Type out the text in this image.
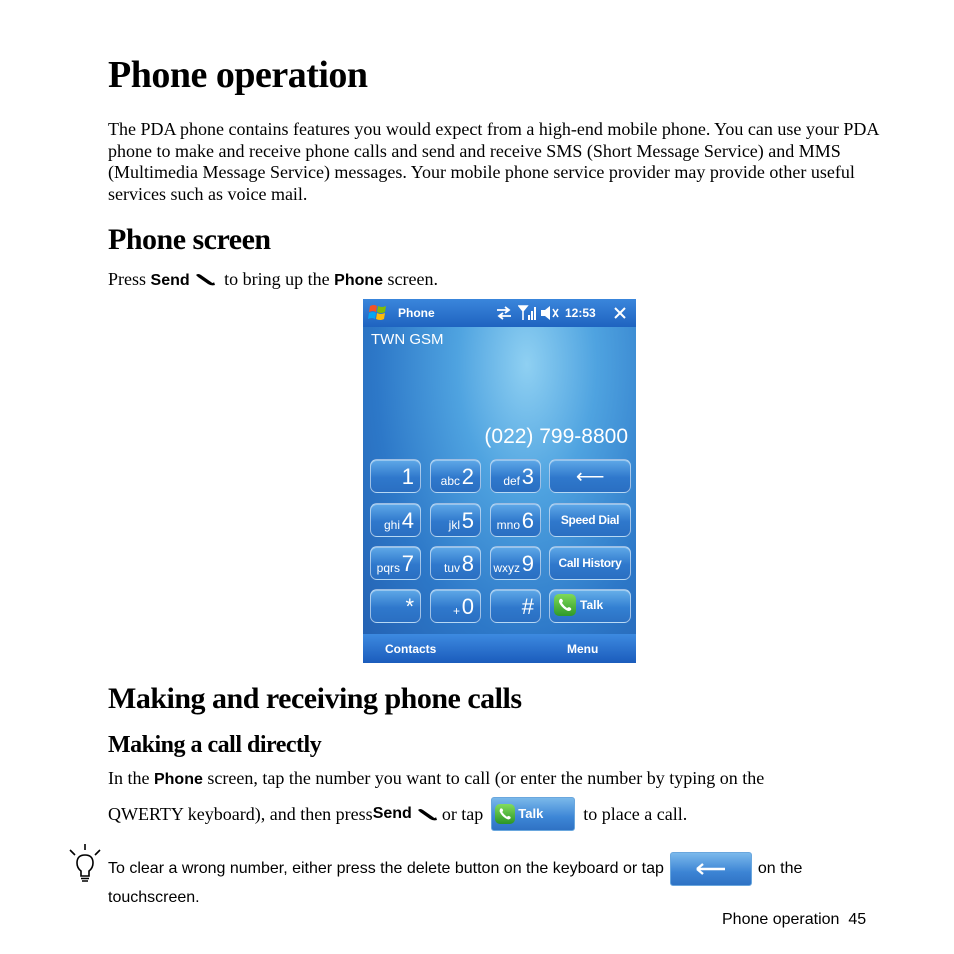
Phone operation

The PDA phone contains features you would expect from a high-end mobile phone. You can use your PDA phone to make and receive phone calls and send and receive SMS (Short Message Service) and MMS (Multimedia Message Service) messages. Your mobile phone service provider may provide other useful services such as voice mail.

Phone screen
Press Send to bring up the Phone screen.
Phone	12:53
TWN GSM
(022) 799-8800
⟵
Speed Dial
Call History
Talk
Contacts	Menu
1 2
abc	3
def
4
ghi	5
jkl	6
mno
7
pqrs	8
tuv	9
wxyz
* 0
+	#
Making and receiving phone calls
Making a call directly
In the Phone screen, tap the number you want to call (or enter the number by typing on the
QWERTY keyboard), and then press Send or tap	Talk to place a call.
To clear a wrong number, either press the delete button on the keyboard or tap	on the touchscreen.
Phone operation 45
